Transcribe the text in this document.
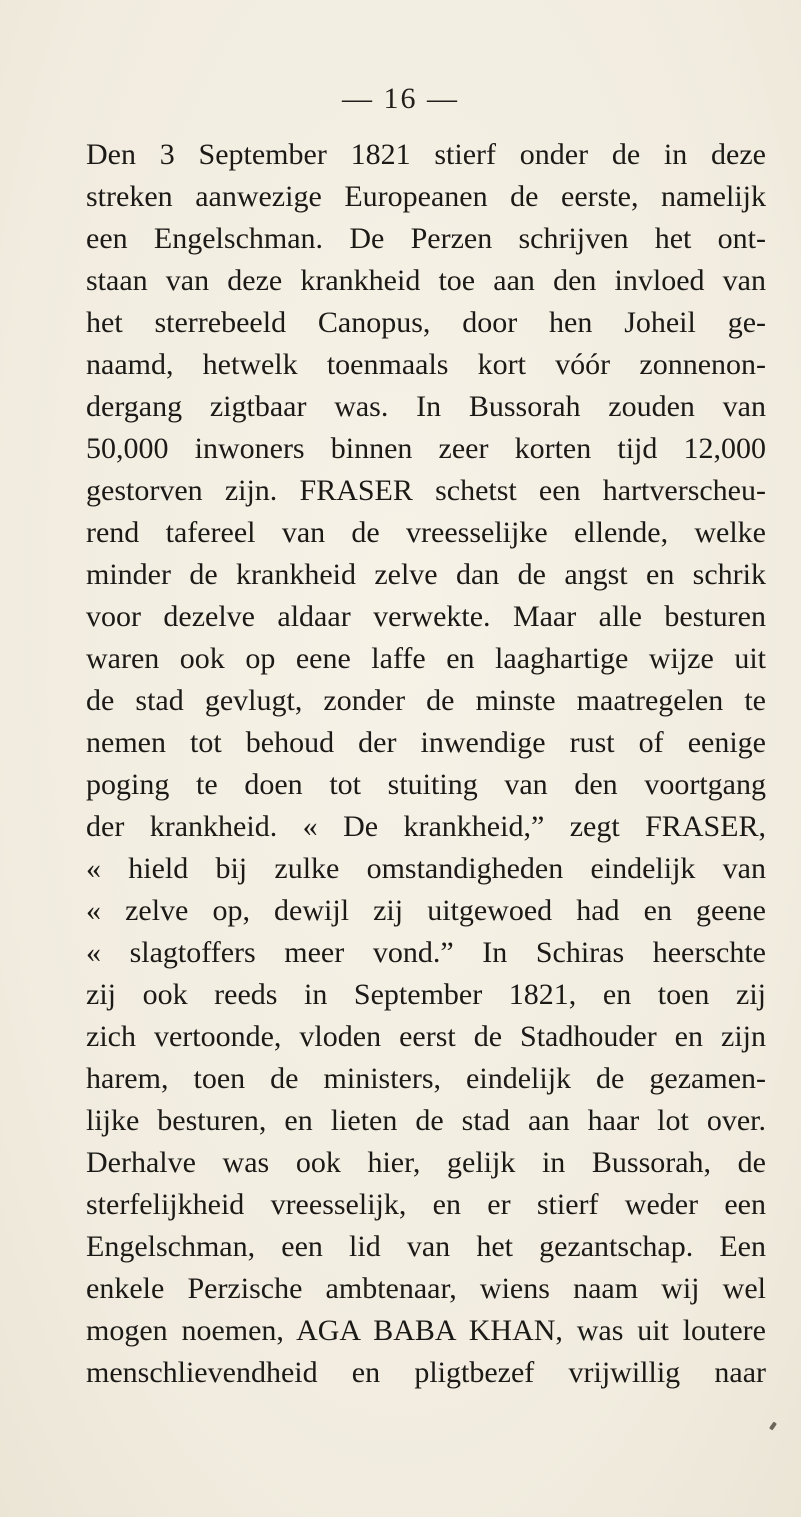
— 16 —

Den 3 September 1821 stierf onder de in deze
streken aanwezige Europeanen de eerste, namelijk
een Engelschman. De Perzen schrijven het ont-
staan van deze krankheid toe aan den invloed van
het sterrebeeld Canopus, door hen Joheil ge-
naamd, hetwelk toenmaals kort vóór zonnenon-
dergang zigtbaar was. In Bussorah zouden van
50,000 inwoners binnen zeer korten tijd 12,000
gestorven zijn. FRASER schetst een hartverscheu-
rend tafereel van de vreesselijke ellende, welke
minder de krankheid zelve dan de angst en schrik
voor dezelve aldaar verwekte. Maar alle besturen
waren ook op eene laffe en laaghartige wijze uit
de stad gevlugt, zonder de minste maatregelen te
nemen tot behoud der inwendige rust of eenige
poging te doen tot stuiting van den voortgang
der krankheid. « De krankheid,” zegt FRASER,
« hield bij zulke omstandigheden eindelijk van
« zelve op, dewijl zij uitgewoed had en geene
« slagtoffers meer vond.” In Schiras heerschte
zij ook reeds in September 1821, en toen zij
zich vertoonde, vloden eerst de Stadhouder en zijn
harem, toen de ministers, eindelijk de gezamen-
lijke besturen, en lieten de stad aan haar lot over.
Derhalve was ook hier, gelijk in Bussorah, de
sterfelijkheid vreesselijk, en er stierf weder een
Engelschman, een lid van het gezantschap. Een
enkele Perzische ambtenaar, wiens naam wij wel
mogen noemen, AGA BABA KHAN, was uit loutere
menschlievendheid en pligtbezef vrijwillig naar
